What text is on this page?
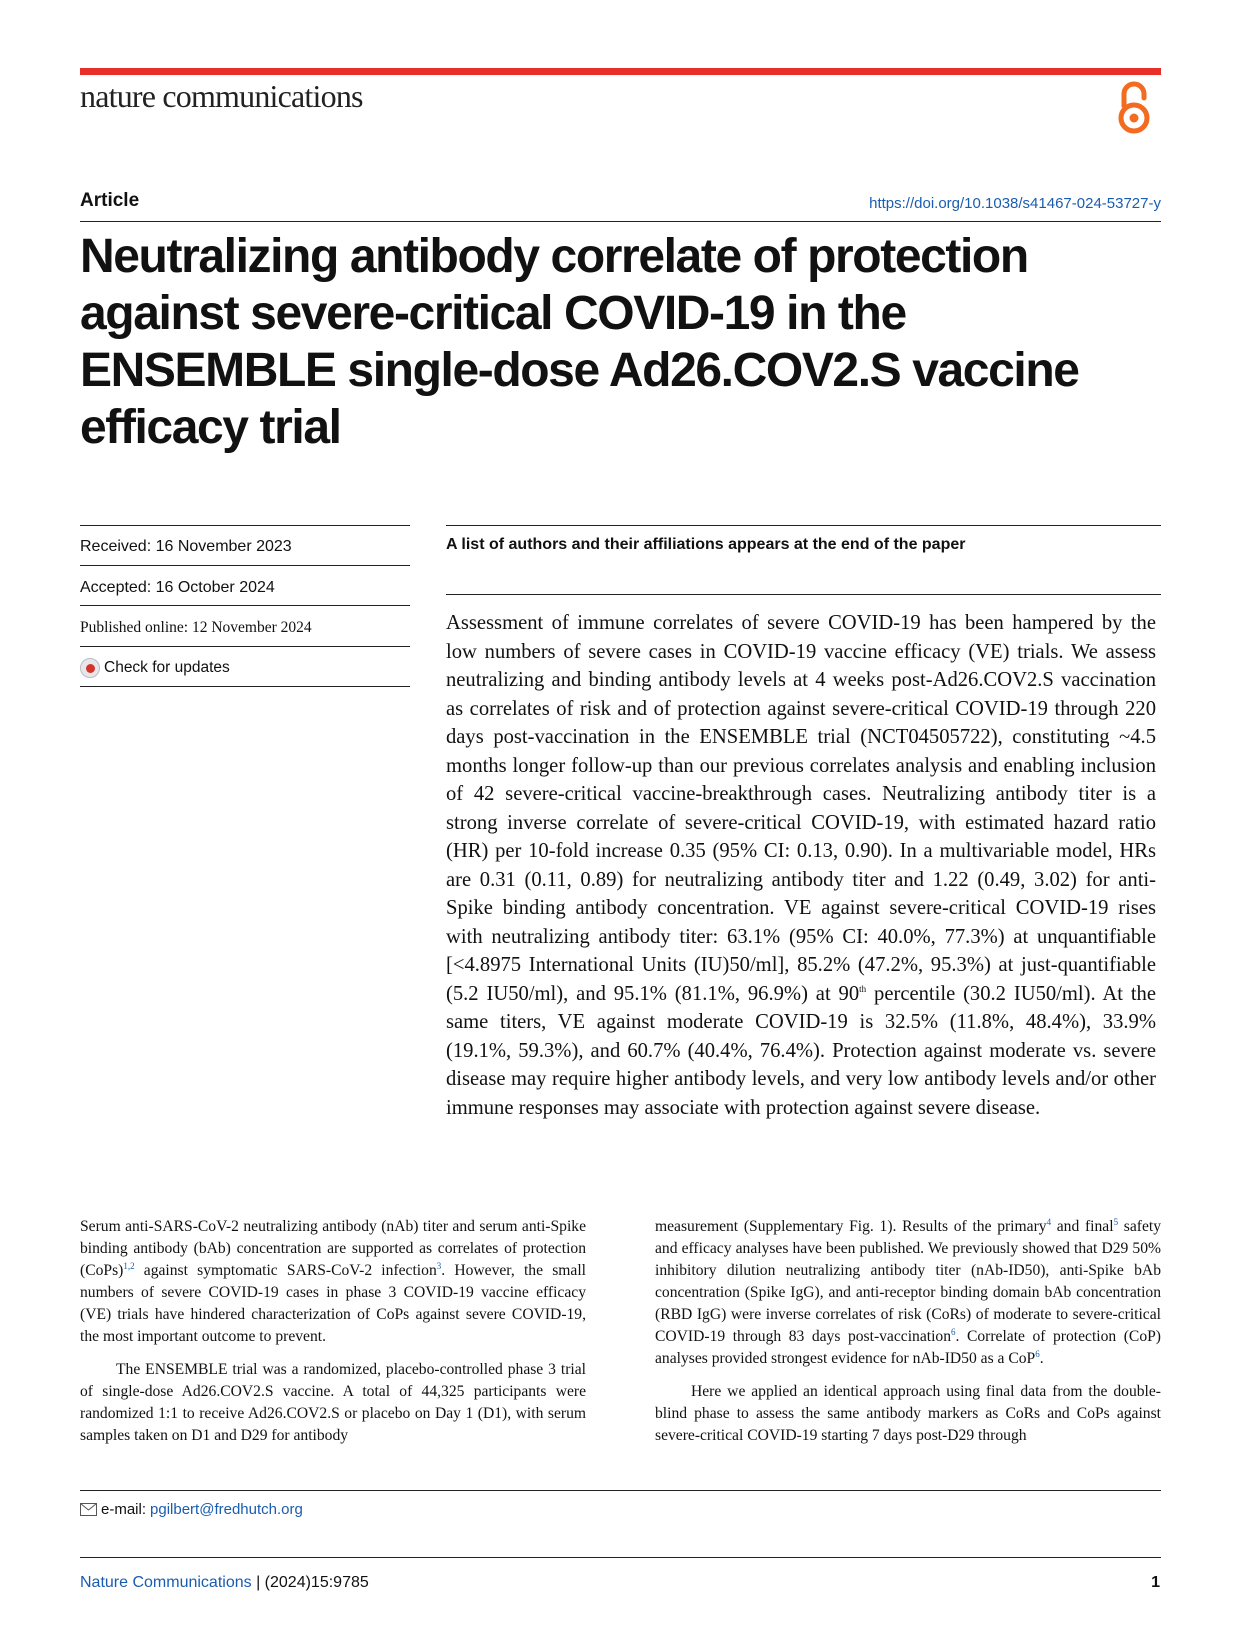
nature communications
Article	https://doi.org/10.1038/s41467-024-53727-y
Neutralizing antibody correlate of protection against severe-critical COVID-19 in the ENSEMBLE single-dose Ad26.COV2.S vaccine efficacy trial
Received: 16 November 2023
Accepted: 16 October 2024
Published online: 12 November 2024
Check for updates
A list of authors and their affiliations appears at the end of the paper

Assessment of immune correlates of severe COVID-19 has been hampered by the low numbers of severe cases in COVID-19 vaccine efficacy (VE) trials. We assess neutralizing and binding antibody levels at 4 weeks post-Ad26.COV2.S vaccination as correlates of risk and of protection against severe-critical COVID-19 through 220 days post-vaccination in the ENSEMBLE trial (NCT04505722), constituting ~4.5 months longer follow-up than our previous correlates analysis and enabling inclusion of 42 severe-critical vaccine-breakthrough cases. Neutralizing antibody titer is a strong inverse correlate of severe-critical COVID-19, with estimated hazard ratio (HR) per 10-fold increase 0.35 (95% CI: 0.13, 0.90). In a multivariable model, HRs are 0.31 (0.11, 0.89) for neutralizing antibody titer and 1.22 (0.49, 3.02) for anti-Spike binding antibody concentration. VE against severe-critical COVID-19 rises with neutralizing antibody titer: 63.1% (95% CI: 40.0%, 77.3%) at unquantifiable [<4.8975 International Units (IU)50/ml], 85.2% (47.2%, 95.3%) at just-quantifiable (5.2 IU50/ml), and 95.1% (81.1%, 96.9%) at 90th percentile (30.2 IU50/ml). At the same titers, VE against moderate COVID-19 is 32.5% (11.8%, 48.4%), 33.9% (19.1%, 59.3%), and 60.7% (40.4%, 76.4%). Protection against moderate vs. severe disease may require higher antibody levels, and very low antibody levels and/or other immune responses may associate with protection against severe disease.

Serum anti-SARS-CoV-2 neutralizing antibody (nAb) titer and serum anti-Spike binding antibody (bAb) concentration are supported as correlates of protection (CoPs)$^{1,2}$ against symptomatic SARS-CoV-2 infection$^3$. However, the small numbers of severe COVID-19 cases in phase 3 COVID-19 vaccine efficacy (VE) trials have hindered characterization of CoPs against severe COVID-19, the most important outcome to prevent.

The ENSEMBLE trial was a randomized, placebo-controlled phase 3 trial of single-dose Ad26.COV2.S vaccine. A total of 44,325 participants were randomized 1:1 to receive Ad26.COV2.S or placebo on Day 1 (D1), with serum samples taken on D1 and D29 for antibody

measurement (Supplementary Fig. 1). Results of the primary$^4$ and final$^5$ safety and efficacy analyses have been published. We previously showed that D29 50% inhibitory dilution neutralizing antibody titer (nAb-ID50), anti-Spike bAb concentration (Spike IgG), and anti-receptor binding domain bAb concentration (RBD IgG) were inverse correlates of risk (CoRs) of moderate to severe-critical COVID-19 through 83 days post-vaccination$^6$. Correlate of protection (CoP) analyses provided strongest evidence for nAb-ID50 as a CoP$^6$.

Here we applied an identical approach using final data from the double-blind phase to assess the same antibody markers as CoRs and CoPs against severe-critical COVID-19 starting 7 days post-D29 through

e-mail: pgilbert@fredhutch.org
Nature Communications | (2024)15:9785	1
